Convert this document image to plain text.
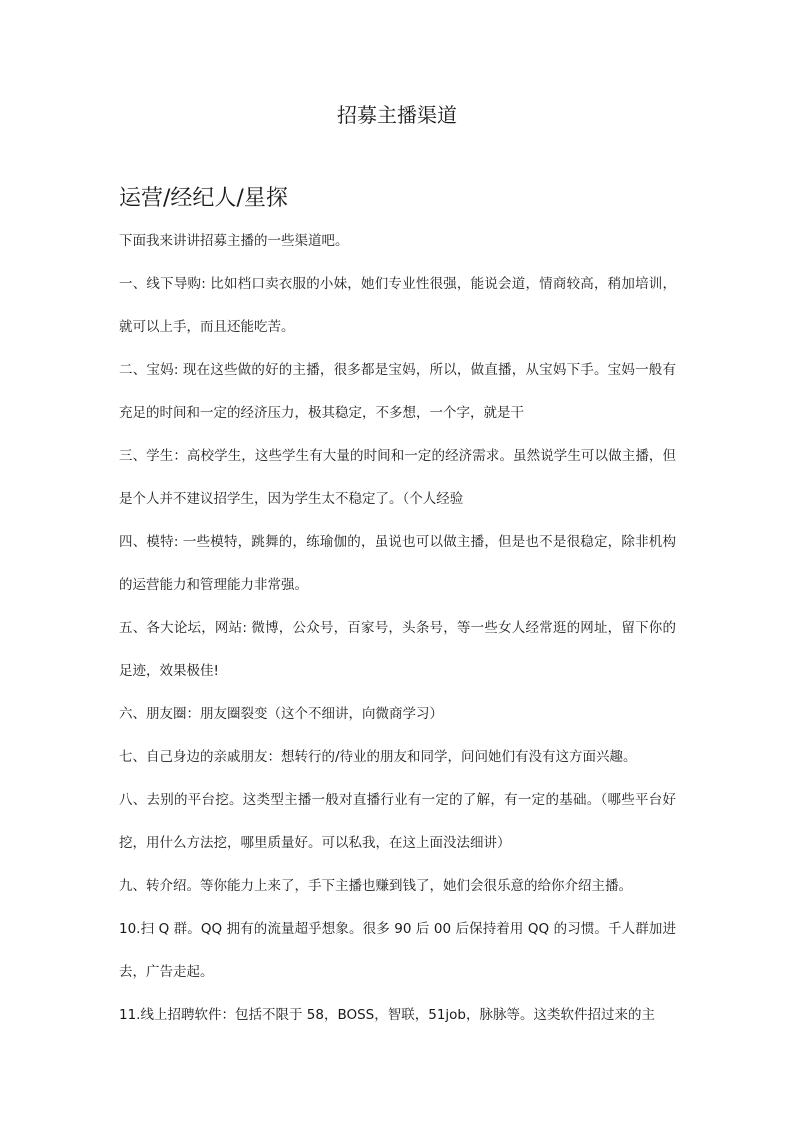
招募主播渠道
运营/经纪人/星探

下面我来讲讲招募主播的一些渠道吧。

一、线下导购: 比如档口卖衣服的小妹，她们专业性很强，能说会道，情商较高，稍加培训，就可以上手，而且还能吃苦。

二、宝妈: 现在这些做的好的主播，很多都是宝妈，所以，做直播，从宝妈下手。宝妈一般有充足的时间和一定的经济压力，极其稳定，不多想，一个字，就是干

三、学生：高校学生，这些学生有大量的时间和一定的经济需求。虽然说学生可以做主播，但是个人并不建议招学生，因为学生太不稳定了。（个人经验

四、模特: 一些模特，跳舞的，练瑜伽的，虽说也可以做主播，但是也不是很稳定，除非机构的运营能力和管理能力非常强。

五、各大论坛，网站: 微博，公众号，百家号，头条号，等一些女人经常逛的网址，留下你的足迹，效果极佳!

六、朋友圈：朋友圈裂变（这个不细讲，向微商学习）

七、自己身边的亲戚朋友：想转行的/待业的朋友和同学，问问她们有没有这方面兴趣。

八、去别的平台挖。这类型主播一般对直播行业有一定的了解，有一定的基础。（哪些平台好挖，用什么方法挖，哪里质量好。可以私我，在这上面没法细讲）

九、转介绍。等你能力上来了，手下主播也赚到钱了，她们会很乐意的给你介绍主播。

10.扫 Q 群。QQ 拥有的流量超乎想象。很多 90 后 00 后保持着用 QQ 的习惯。千人群加进去，广告走起。

11.线上招聘软件：包括不限于 58，BOSS，智联，51job，脉脉等。这类软件招过来的主
